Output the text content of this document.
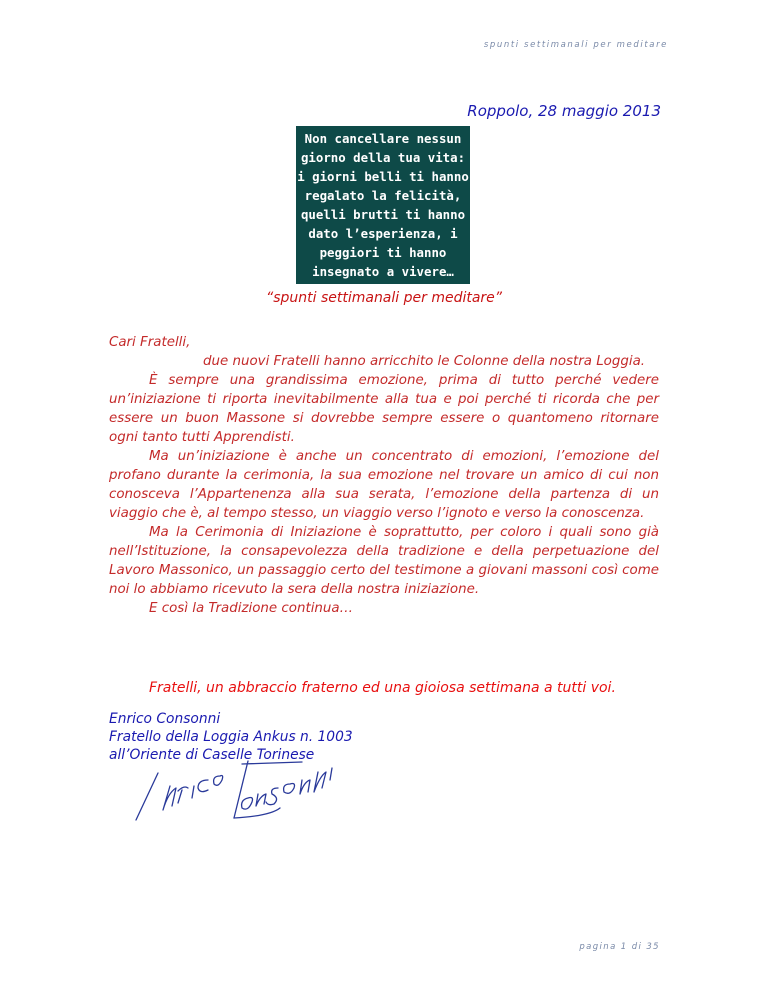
spunti settimanali per meditare
Roppolo, 28 maggio 2013
Non cancellare nessun
giorno della tua vita:
i giorni belli ti hanno
regalato la felicità,
quelli brutti ti hanno
dato l’esperienza, i
peggiori ti hanno
insegnato a vivere…
“spunti settimanali per meditare”

Cari Fratelli,

due nuovi Fratelli hanno arricchito le Colonne della nostra Loggia.

È sempre una grandissima emozione, prima di tutto perché vedere un’iniziazione ti riporta inevitabilmente alla tua e poi perché ti ricorda che per essere un buon Massone si dovrebbe sempre essere o quantomeno ritornare ogni tanto tutti Apprendisti.

Ma un’iniziazione è anche un concentrato di emozioni, l’emozione del profano durante la cerimonia, la sua emozione nel trovare un amico di cui non conosceva l’Appartenenza alla sua serata, l’emozione della partenza di un viaggio che è, al tempo stesso, un viaggio verso l’ignoto e verso la conoscenza.

Ma la Cerimonia di Iniziazione è soprattutto, per coloro i quali sono già nell’Istituzione, la consapevolezza della tradizione e della perpetuazione del Lavoro Massonico, un passaggio certo del testimone a giovani massoni così come noi lo abbiamo ricevuto la sera della nostra iniziazione.

E così la Tradizione continua…

Fratelli, un abbraccio fraterno ed una gioiosa settimana a tutti voi.
Enrico Consonni
Fratello della Loggia Ankus n. 1003
all’Oriente di Caselle Torinese
pagina 1 di 35
